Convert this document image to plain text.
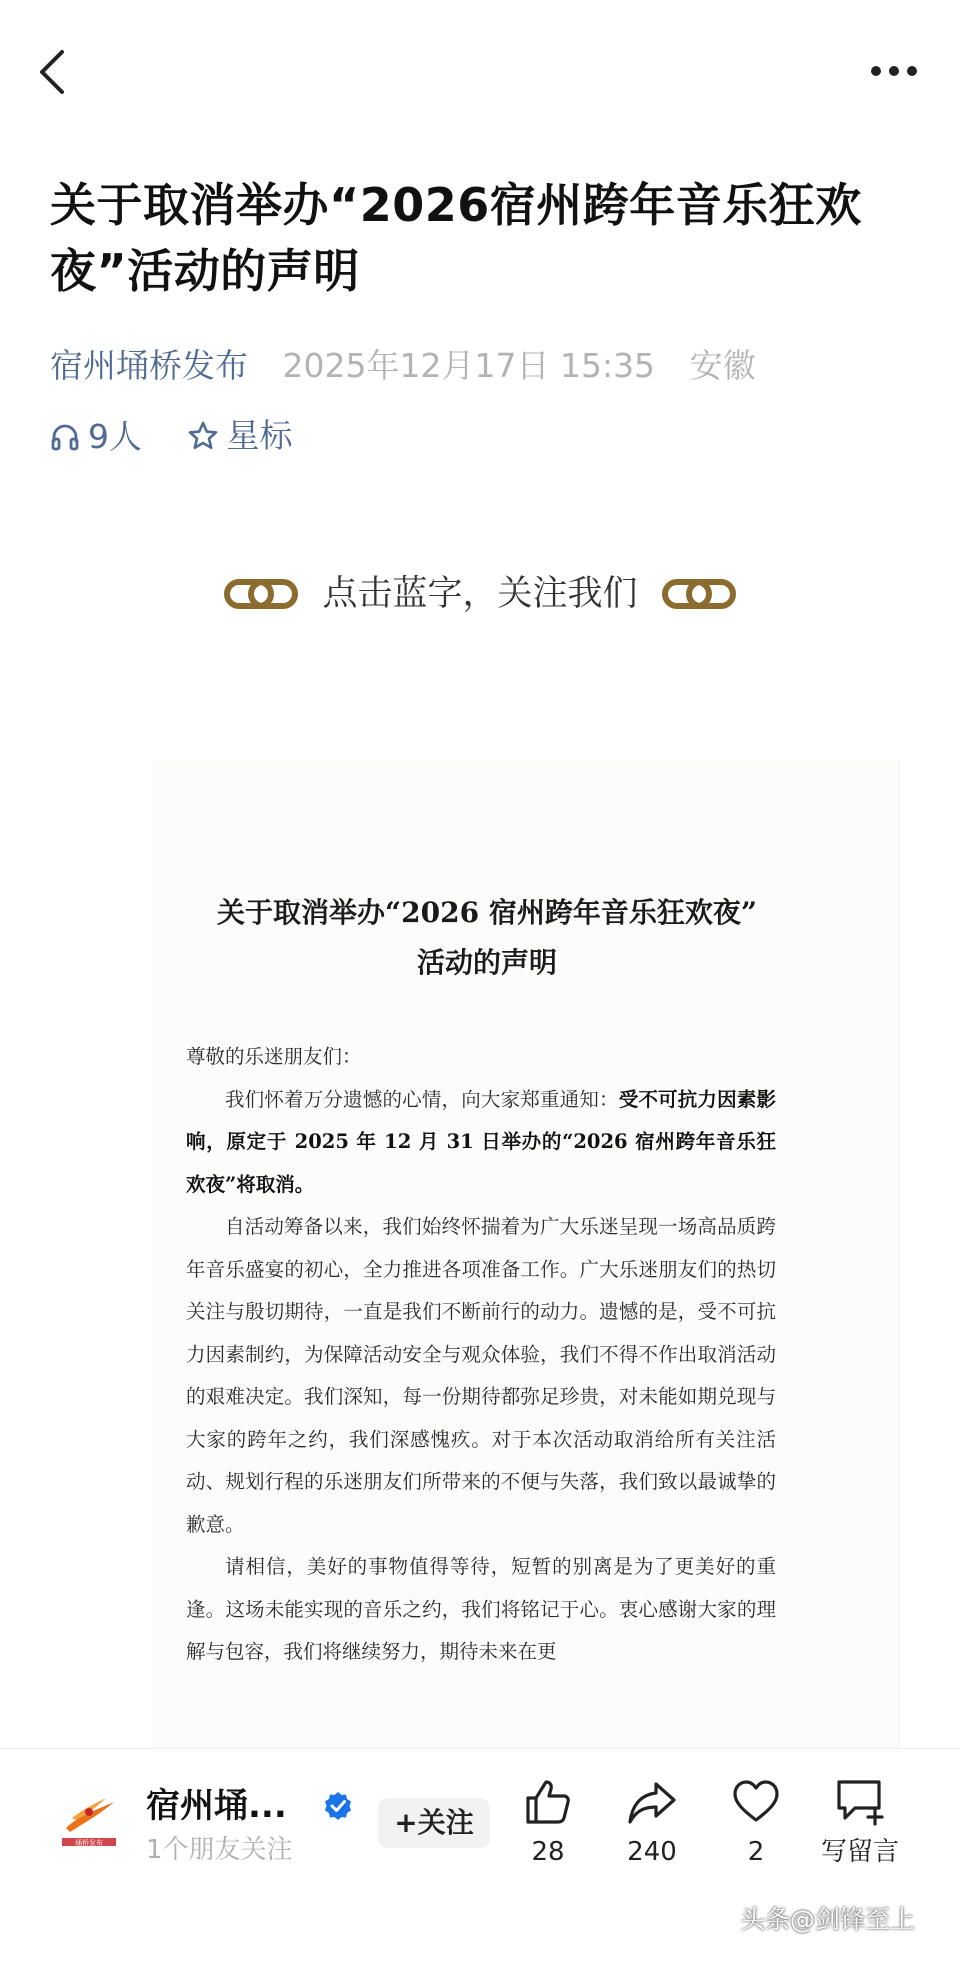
关于取消举办“2026宿州跨年音乐狂欢夜”活动的声明
宿州埇桥发布 2025年12月17日 15:35 安徽
9人
	星标
点击蓝字，关注我们
关于取消举办“2026 宿州跨年音乐狂欢夜”
活动的声明

尊敬的乐迷朋友们：

我们怀着万分遗憾的心情，向大家郑重通知：受不可抗力因素影响，原定于 2025 年 12 月 31 日举办的“2026 宿州跨年音乐狂欢夜”将取消。

自活动筹备以来，我们始终怀揣着为广大乐迷呈现一场高品质跨年音乐盛宴的初心，全力推进各项准备工作。广大乐迷朋友们的热切关注与殷切期待，一直是我们不断前行的动力。遗憾的是，受不可抗力因素制约，为保障活动安全与观众体验，我们不得不作出取消活动的艰难决定。我们深知，每一份期待都弥足珍贵，对未能如期兑现与大家的跨年之约，我们深感愧疚。对于本次活动取消给所有关注活动、规划行程的乐迷朋友们所带来的不便与失落，我们致以最诚挚的歉意。

请相信，美好的事物值得等待，短暂的别离是为了更美好的重逢。这场未能实现的音乐之约，我们将铭记于心。衷心感谢大家的理解与包容，我们将继续努力，期待未来在更

埇桥发布
宿州埇...
1个朋友关注
+关注
28	240	2	写留言
头条@剑锋至上
